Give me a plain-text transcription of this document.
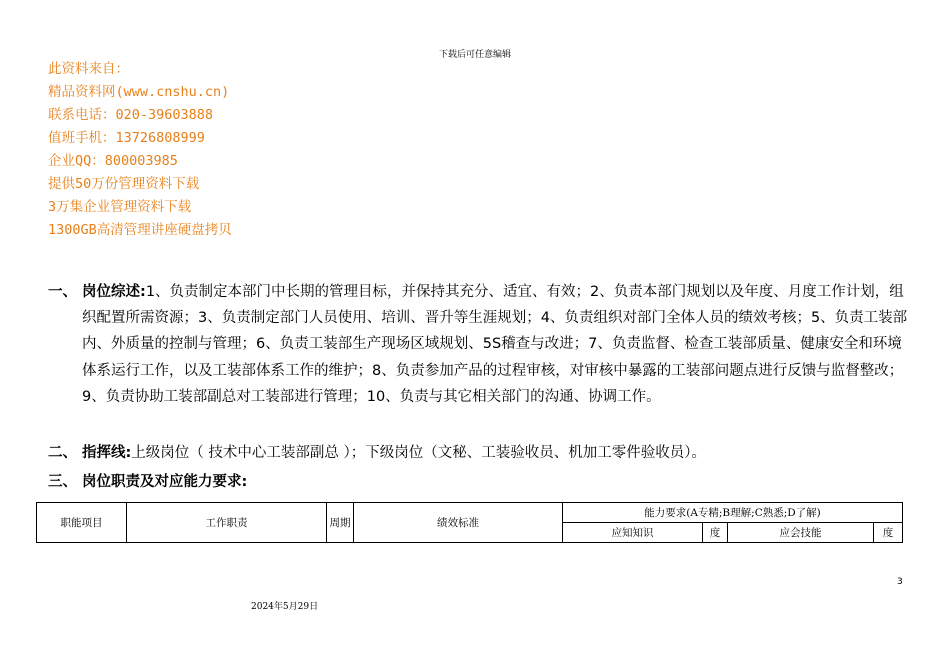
下载后可任意编辑
此资料来自：
精品资料网(www.cnshu.cn)
联系电话：020-39603888
值班手机：13726808999
企业QQ：800003985
提供50万份管理资料下载
3万集企业管理资料下载
1300GB高清管理讲座硬盘拷贝
一、 岗位综述:1、负责制定本部门中长期的管理目标，并保持其充分、适宜、有效；2、负责本部门规划以及年度、月度工作计划，组织配置所需资源；3、负责制定部门人员使用、培训、晋升等生涯规划；4、负责组织对部门全体人员的绩效考核；5、负责工装部内、外质量的控制与管理；6、负责工装部生产现场区域规划、5S稽查与改进；7、负责监督、检查工装部质量、健康安全和环境体系运行工作，以及工装部体系工作的维护；8、负责参加产品的过程审核，对审核中暴露的工装部问题点进行反馈与监督整改；9、负责协助工装部副总对工装部进行管理；10、负责与其它相关部门的沟通、协调工作。
二、 指挥线:上级岗位（ 技术中心工装部副总 ）；下级岗位（文秘、工装验收员、机加工零件验收员）。
三、 岗位职责及对应能力要求:
职能项目	工作职责	周期	绩效标准	能力要求(A专精;B理解;C熟悉;D了解)			
				应知知识	度	应会技能	度
3
2024年5月29日
